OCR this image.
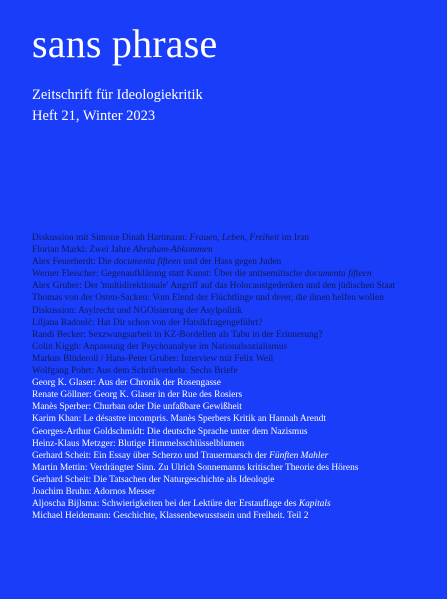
sans phrase
Zeitschrift für Ideologiekritik
Heft 21, Winter 2023
Diskussion mit Simone Dinah Hartmann: Frauen, Leben, Freiheit im Iran
Florian Markl: Zwei Jahre Abraham-Abkommen
Alex Feuerherdt: Die documenta fifteen und der Hass gegen Juden
Werner Fleischer: Gegenaufklärung statt Kunst: Über die antisemitische documenta fifteen
Alex Gruber: Der 'multidirektionale' Angriff auf das Holocaustgedenken und den jüdischen Staat
Thomas von der Osten-Sacken: Vom Elend der Flüchtlinge und derer, die ihnen helfen wollen
Diskussion: Asylrecht und NGOisierung der Asylpolitik
Liljana Radonić: Hat Dir schon von der Hatsikfragengeführt?
Randi Becker: Sexzwangsarbeit in KZ-Bordellen als Tabu in der Erinnerung?
Colin Kiggh: Anpassung der Psychoanalyse im Nationalsozialismus
Markus Blüderoll / Hans-Peter Gruber: Interview mit Felix Weil
Wolfgang Pohrt: Aus dem Schriftverkehr. Sechs Briefe
Georg K. Glaser: Aus der Chronik der Rosengasse
Renate Göllner: Georg K. Glaser in der Rue des Rosiers
Manès Sperber: Churban oder Die unfaßbare Gewißheit
Karim Khan: Le désastre incompris. Manès Sperbers Kritik an Hannah Arendt
Georges-Arthur Goldschmidt: Die deutsche Sprache unter dem Nazismus
Heinz-Klaus Metzger: Blutige Himmelsschlüsselblumen
Gerhard Scheit: Ein Essay über Scherzo und Trauermarsch der Fünften Mahler
Martin Mettin: Verdrängter Sinn. Zu Ulrich Sonnemanns kritischer Theorie des Hörens
Gerhard Scheit: Die Tatsachen der Naturgeschichte als Ideologie
Joachim Bruhn: Adornos Messer
Aljoscha Bijlsma: Schwierigkeiten bei der Lektüre der Erstauflage des Kapitals
Michael Heidemann: Geschichte, Klassenbewusstsein und Freiheit. Teil 2
